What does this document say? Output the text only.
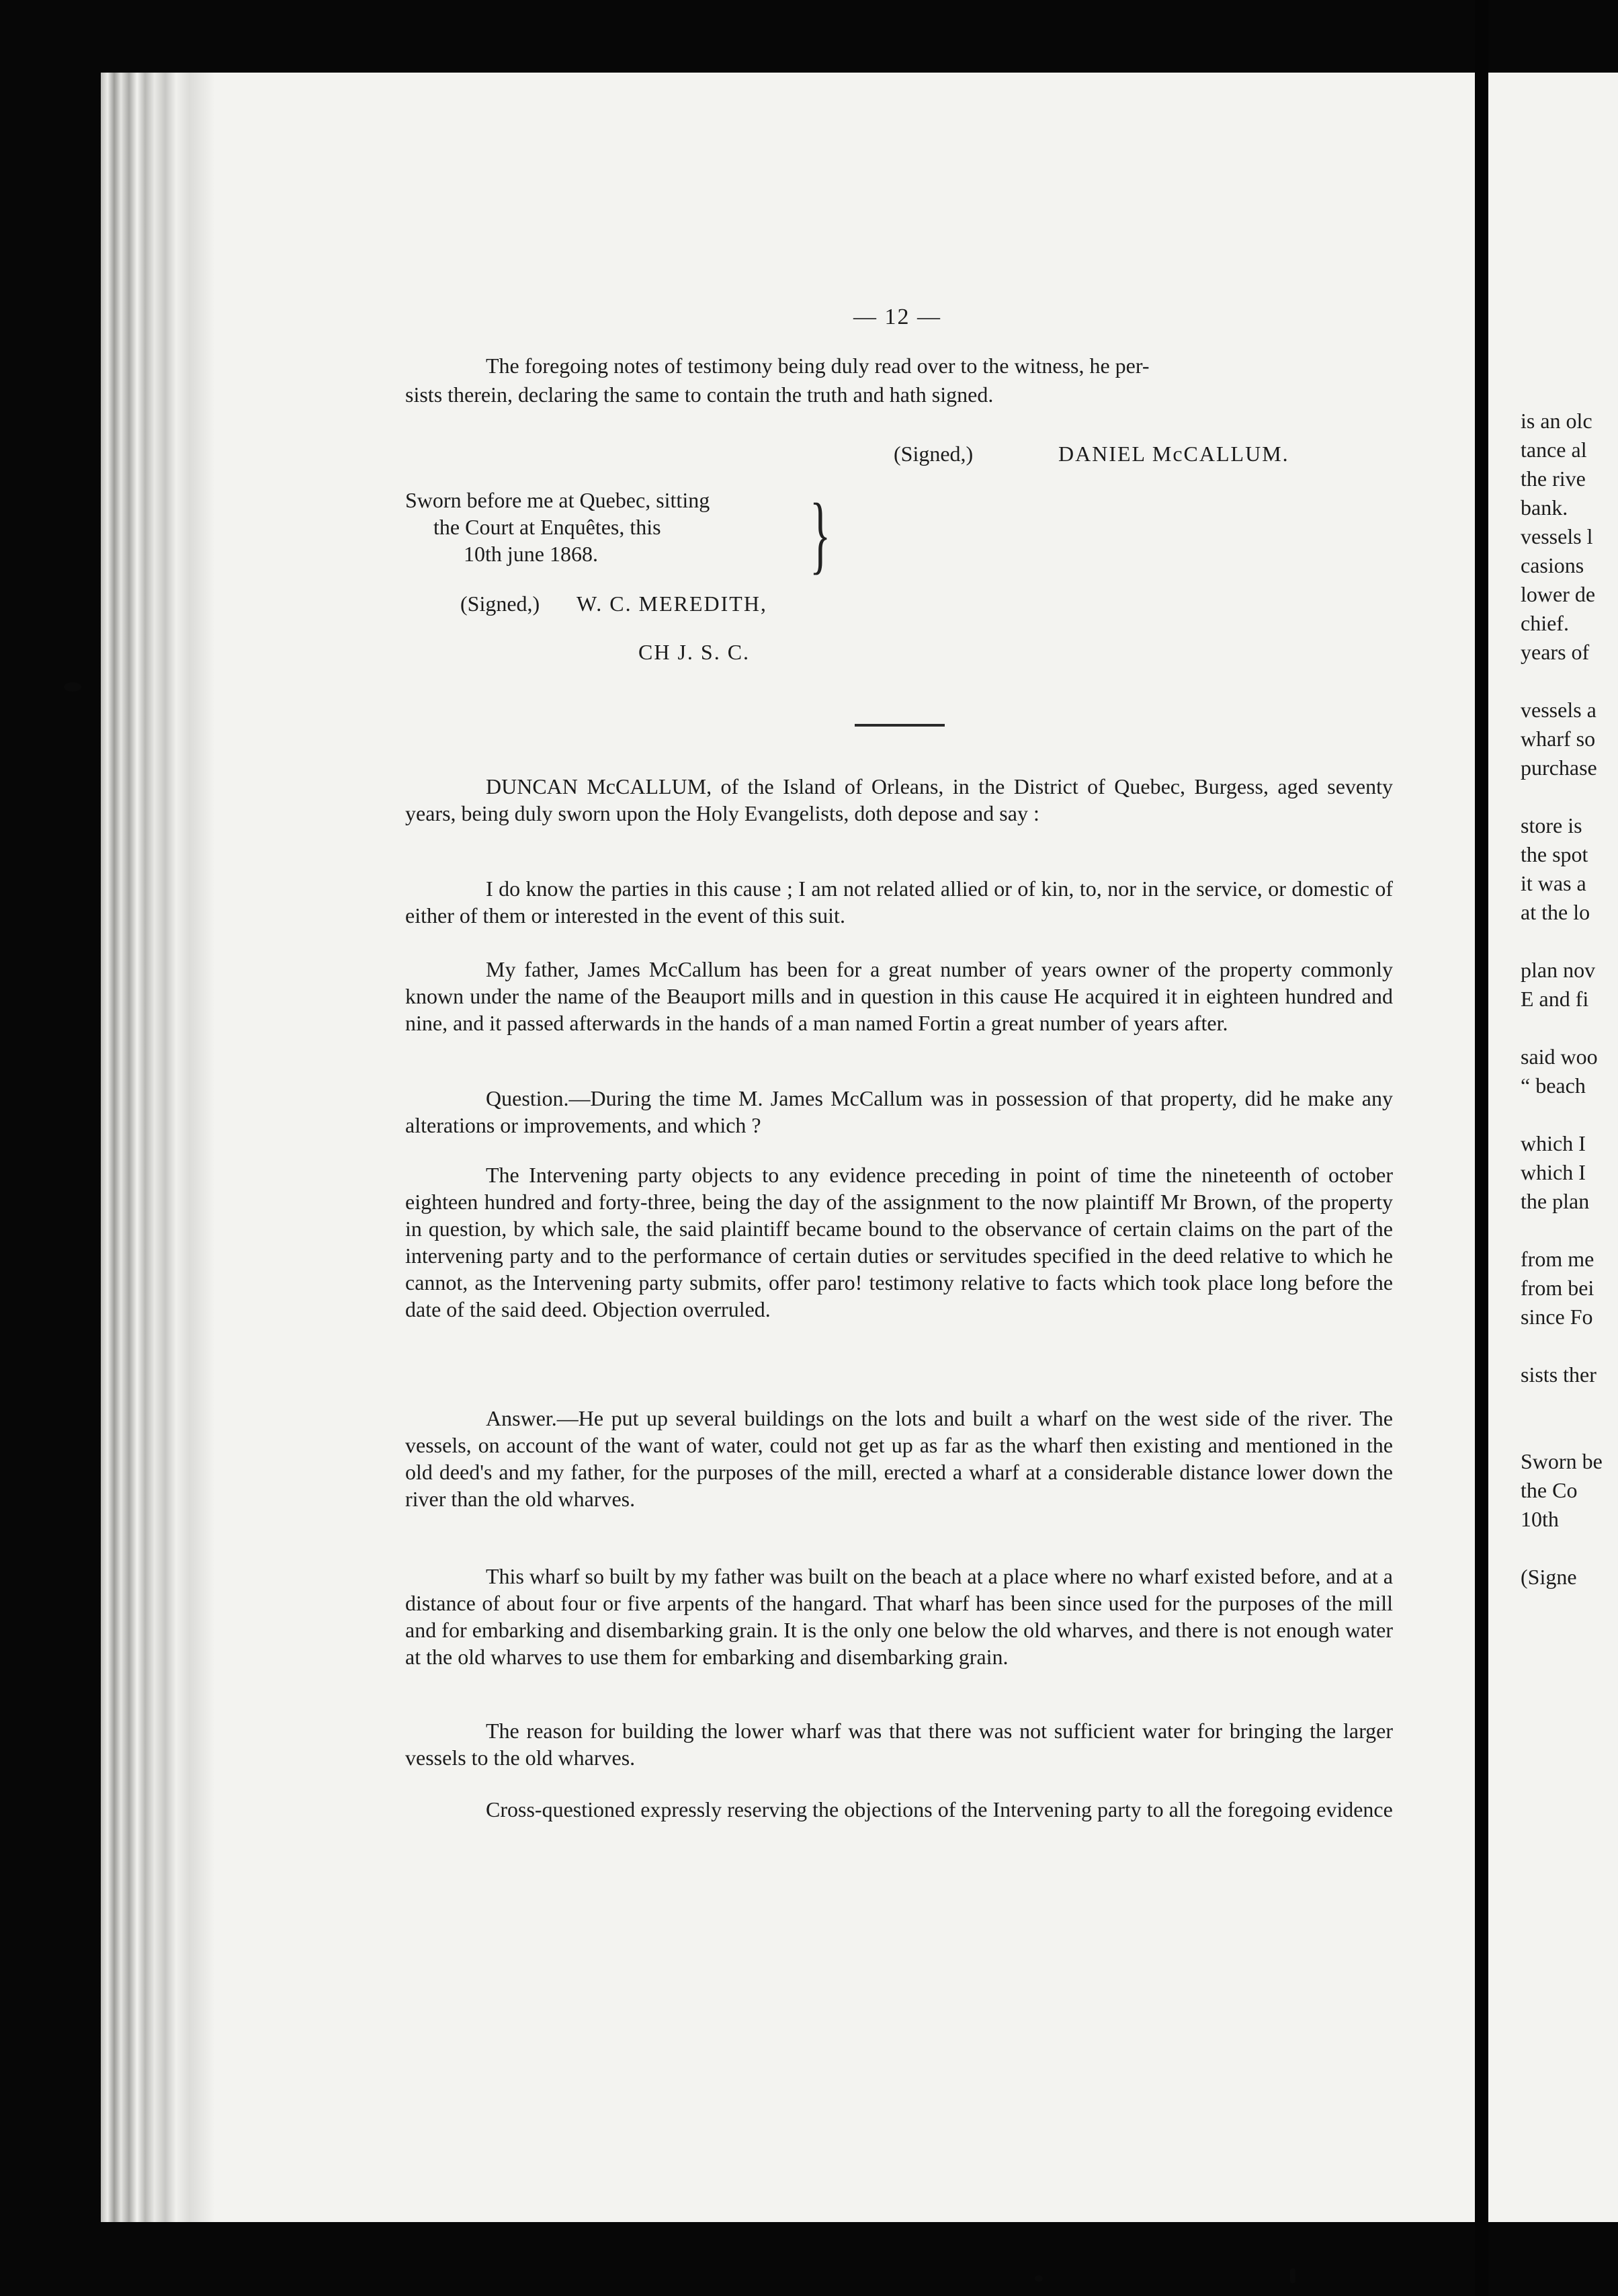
is an olc
tance al
the rive
bank.
vessels l
casions
lower de
chief.
years of
vessels a
wharf so
purchase
store is
the spot
it was a
at the lo
plan nov
E and fi
said woo
“ beach
which I
which I
the plan
from me
from bei
since Fo
sists ther
Sworn be
the Co
10th
(Signe
— 12 —
The foregoing notes of testimony being duly read over to the witness, he per-
sists therein, declaring the same to contain the truth and hath signed.
(Signed,)	DANIEL McCALLUM.
Sworn before me at Quebec, sitting
the Court at Enquêtes, this
10th june 1868. }
(Signed,) W. C. MEREDITH,
CH J. S. C.
DUNCAN McCALLUM, of the Island of Orleans, in the District of Quebec, Burgess, aged seventy years, being duly sworn upon the Holy Evangelists, doth depose and say :
I do know the parties in this cause ; I am not related allied or of kin, to, nor in the service, or domestic of either of them or interested in the event of this suit.
My father, James McCallum has been for a great number of years owner of the property commonly known under the name of the Beauport mills and in question in this cause He acquired it in eighteen hundred and nine, and it passed afterwards in the hands of a man named Fortin a great number of years after.
Question.—During the time M. James McCallum was in possession of that property, did he make any alterations or improvements, and which ?
The Intervening party objects to any evidence preceding in point of time the nineteenth of october eighteen hundred and forty-three, being the day of the assignment to the now plaintiff Mr Brown, of the property in question, by which sale, the said plaintiff became bound to the observance of certain claims on the part of the intervening party and to the performance of certain duties or servitudes specified in the deed relative to which he cannot, as the Intervening party submits, offer paro! testimony relative to facts which took place long before the date of the said deed. Objection overruled.
Answer.—He put up several buildings on the lots and built a wharf on the west side of the river. The vessels, on account of the want of water, could not get up as far as the wharf then existing and mentioned in the old deed's and my father, for the purposes of the mill, erected a wharf at a considerable distance lower down the river than the old wharves.
This wharf so built by my father was built on the beach at a place where no wharf existed before, and at a distance of about four or five arpents of the hangard. That wharf has been since used for the purposes of the mill and for embarking and disembarking grain. It is the only one below the old wharves, and there is not enough water at the old wharves to use them for embarking and disembarking grain.
The reason for building the lower wharf was that there was not sufficient water for bringing the larger vessels to the old wharves.
Cross-questioned expressly reserving the objections of the Intervening party to all the foregoing evidence
